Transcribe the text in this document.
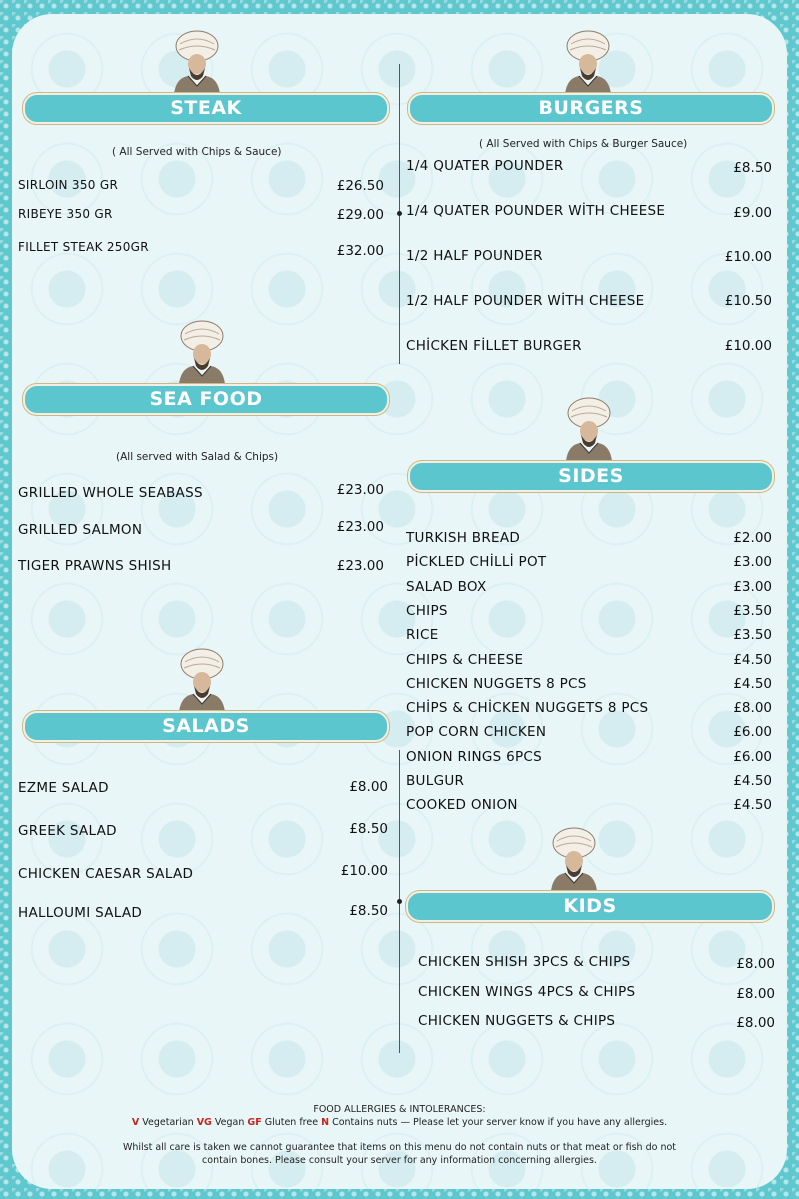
STEAK
( All Served with Chips & Sauce)
SIRLOIN 350 GR	£26.50
RIBEYE 350 GR	£29.00
FILLET STEAK 250GR	£32.00
SEA FOOD
(All served with Salad & Chips)
GRILLED WHOLE SEABASS	£23.00
GRILLED SALMON	£23.00
TIGER PRAWNS SHISH	£23.00
SALADS
EZME SALAD	£8.00
GREEK SALAD	£8.50
CHICKEN CAESAR SALAD	£10.00
HALLOUMI SALAD	£8.50
BURGERS
( All Served with Chips & Burger Sauce)
1/4 QUATER POUNDER	£8.50
1/4 QUATER POUNDER WİTH CHEESE	£9.00
1/2 HALF POUNDER	£10.00
1/2 HALF POUNDER WİTH CHEESE	£10.50
CHİCKEN FİLLET BURGER	£10.00
SIDES
TURKISH BREAD	£2.00
PİCKLED CHİLLİ POT	£3.00
SALAD BOX	£3.00
CHIPS	£3.50
RICE	£3.50
CHIPS & CHEESE	£4.50
CHICKEN NUGGETS 8 PCS	£4.50
CHİPS & CHİCKEN NUGGETS 8 PCS	£8.00
POP CORN CHICKEN	£6.00
ONION RINGS 6PCS	£6.00
BULGUR	£4.50
COOKED ONION	£4.50
KIDS
CHICKEN SHISH 3PCS & CHIPS	£8.00
CHICKEN WINGS 4PCS & CHIPS	£8.00
CHICKEN NUGGETS & CHIPS	£8.00
FOOD ALLERGIES & INTOLERANCES:
V Vegetarian VG Vegan GF Gluten free N Contains nuts — Please let your server know if you have any allergies.
Whilst all care is taken we cannot guarantee that items on this menu do not contain nuts or that meat or fish do not contain bones. Please consult your server for any information concerning allergies.
